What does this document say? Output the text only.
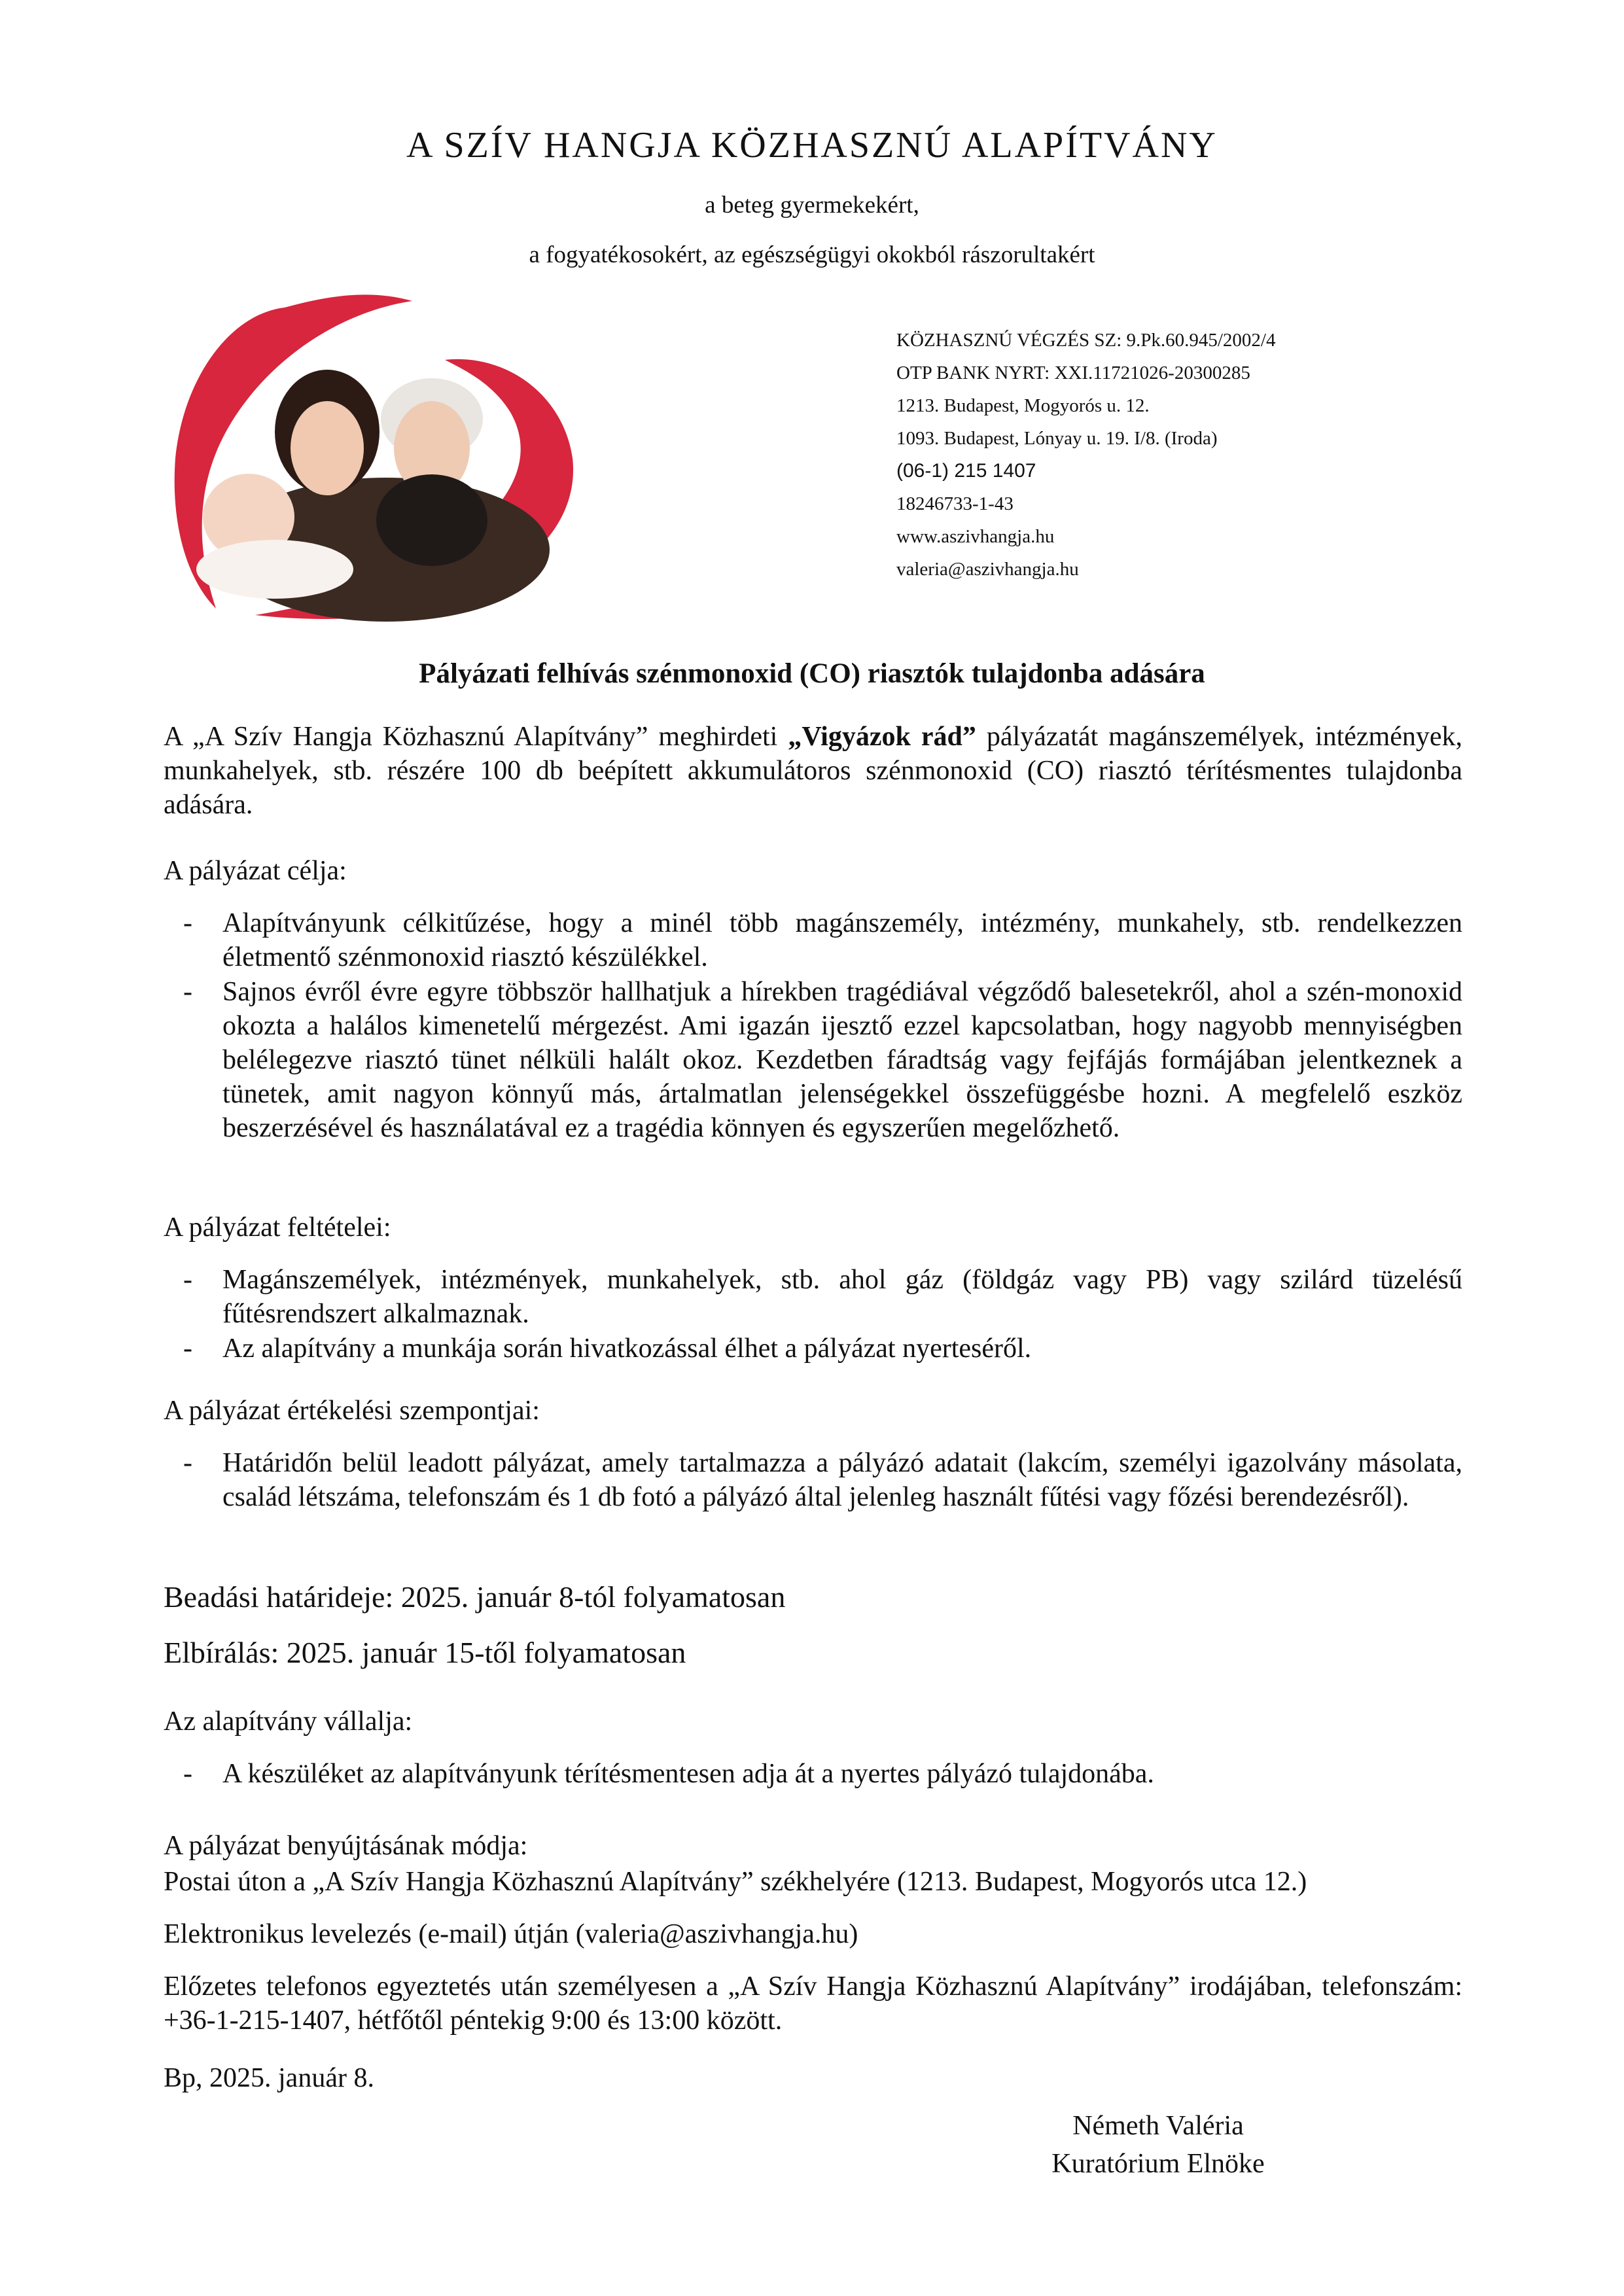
A SZÍV HANGJA KÖZHASZNÚ ALAPÍTVÁNY
a beteg gyermekekért,
a fogyatékosokért, az egészségügyi okokból rászorultakért
KÖZHASZNÚ VÉGZÉS SZ: 9.Pk.60.945/2002/4
OTP BANK NYRT: XXI.11721026-20300285
1213. Budapest, Mogyorós u. 12.
1093. Budapest, Lónyay u. 19. I/8. (Iroda)
(06-1) 215 1407
18246733-1-43
www.aszivhangja.hu
valeria@aszivhangja.hu
Pályázati felhívás szénmonoxid (CO) riasztók tulajdonba adására
A „A Szív Hangja Közhasznú Alapítvány” meghirdeti „Vigyázok rád” pályázatát magánszemélyek, intézmények, munkahelyek, stb. részére 100 db beépített akkumulátoros szénmonoxid (CO) riasztó térítésmentes tulajdonba adására.
A pályázat célja:
- Alapítványunk célkitűzése, hogy a minél több magánszemély, intézmény, munkahely, stb. rendelkezzen életmentő szénmonoxid riasztó készülékkel.
- Sajnos évről évre egyre többször hallhatjuk a hírekben tragédiával végződő balesetekről, ahol a szén-monoxid okozta a halálos kimenetelű mérgezést. Ami igazán ijesztő ezzel kapcsolatban, hogy nagyobb mennyiségben belélegezve riasztó tünet nélküli halált okoz. Kezdetben fáradtság vagy fejfájás formájában jelentkeznek a tünetek, amit nagyon könnyű más, ártalmatlan jelenségekkel összefüggésbe hozni. A megfelelő eszköz beszerzésével és használatával ez a tragédia könnyen és egyszerűen megelőzhető.
A pályázat feltételei:
- Magánszemélyek, intézmények, munkahelyek, stb. ahol gáz (földgáz vagy PB) vagy szilárd tüzelésű fűtésrendszert alkalmaznak.
- Az alapítvány a munkája során hivatkozással élhet a pályázat nyerteséről.
A pályázat értékelési szempontjai:
- Határidőn belül leadott pályázat, amely tartalmazza a pályázó adatait (lakcím, személyi igazolvány másolata, család létszáma, telefonszám és 1 db fotó a pályázó által jelenleg használt fűtési vagy főzési berendezésről).
Beadási határideje: 2025. január 8-tól folyamatosan
Elbírálás: 2025. január 15-től folyamatosan
Az alapítvány vállalja:
- A készüléket az alapítványunk térítésmentesen adja át a nyertes pályázó tulajdonába.
A pályázat benyújtásának módja:
Postai úton a „A Szív Hangja Közhasznú Alapítvány” székhelyére (1213. Budapest, Mogyorós utca 12.)
Elektronikus levelezés (e-mail) útján (valeria@aszivhangja.hu)
Előzetes telefonos egyeztetés után személyesen a „A Szív Hangja Közhasznú Alapítvány” irodájában, telefonszám: +36-1-215-1407, hétfőtől péntekig 9:00 és 13:00 között.
Bp, 2025. január 8.
Németh Valéria
Kuratórium Elnöke
